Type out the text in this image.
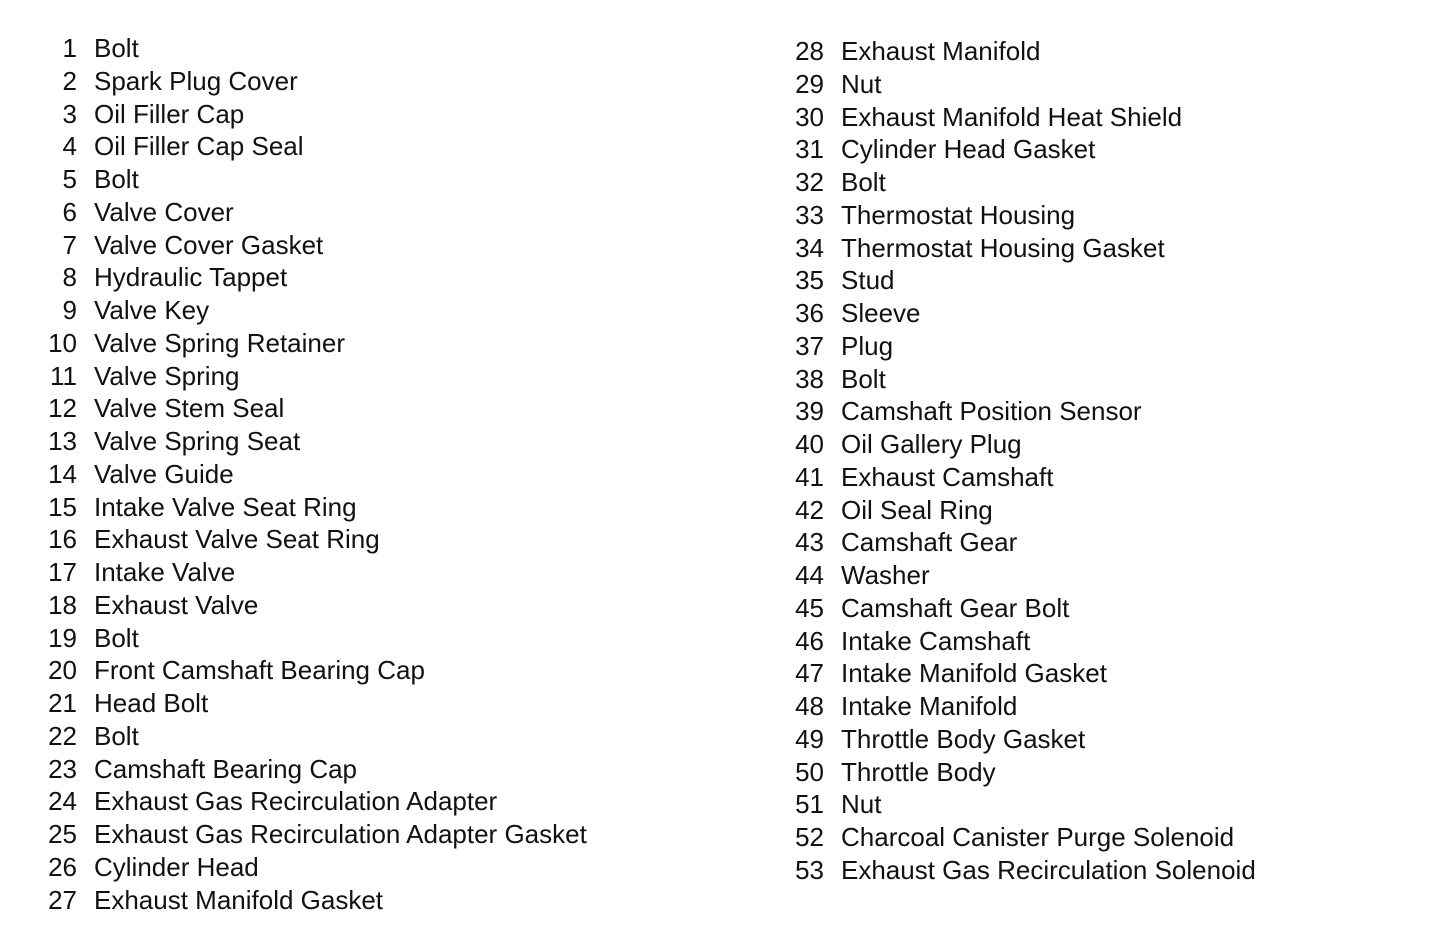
1 Bolt
2 Spark Plug Cover
3 Oil Filler Cap
4 Oil Filler Cap Seal
5 Bolt
6 Valve Cover
7 Valve Cover Gasket
8 Hydraulic Tappet
9 Valve Key
10 Valve Spring Retainer
11 Valve Spring
12 Valve Stem Seal
13 Valve Spring Seat
14 Valve Guide
15 Intake Valve Seat Ring
16 Exhaust Valve Seat Ring
17 Intake Valve
18 Exhaust Valve
19 Bolt
20 Front Camshaft Bearing Cap
21 Head Bolt
22 Bolt
23 Camshaft Bearing Cap
24 Exhaust Gas Recirculation Adapter
25 Exhaust Gas Recirculation Adapter Gasket
26 Cylinder Head
27 Exhaust Manifold Gasket
28 Exhaust Manifold
29 Nut
30 Exhaust Manifold Heat Shield
31 Cylinder Head Gasket
32 Bolt
33 Thermostat Housing
34 Thermostat Housing Gasket
35 Stud
36 Sleeve
37 Plug
38 Bolt
39 Camshaft Position Sensor
40 Oil Gallery Plug
41 Exhaust Camshaft
42 Oil Seal Ring
43 Camshaft Gear
44 Washer
45 Camshaft Gear Bolt
46 Intake Camshaft
47 Intake Manifold Gasket
48 Intake Manifold
49 Throttle Body Gasket
50 Throttle Body
51 Nut
52 Charcoal Canister Purge Solenoid
53 Exhaust Gas Recirculation Solenoid
